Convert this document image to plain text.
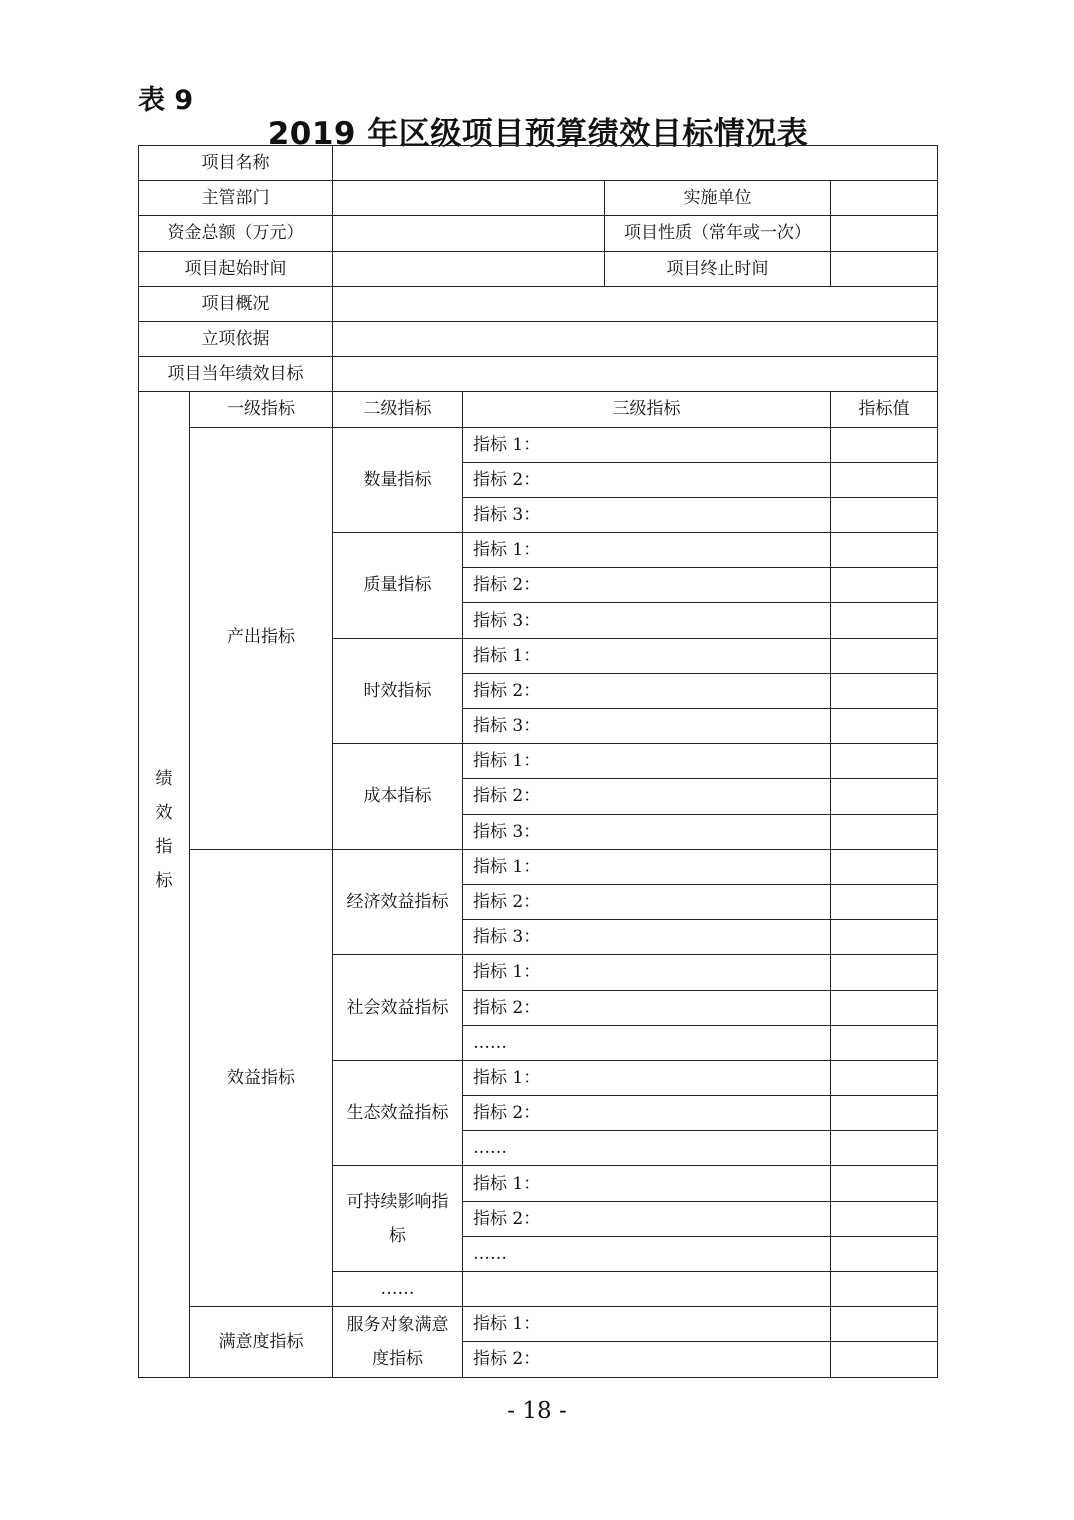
表 9
2019 年区级项目预算绩效目标情况表
- 18 -
项目名称					
主管部门				实施单位	
资金总额（万元）				项目性质（常年或一次）	
项目起始时间				项目终止时间	
项目概况					
立项依据					
项目当年绩效目标					

绩
效
指
标	一级指标	二级指标	三级指标		指标值
	产出指标	数量指标	指标 1：		
			指标 2：		
			指标 3：		
		质量指标	指标 1：		
			指标 2：		
			指标 3：		
		时效指标	指标 1：		
			指标 2：		
			指标 3：		
		成本指标	指标 1：		
			指标 2：		
			指标 3：		
	效益指标	经济效益指标	指标 1：		
			指标 2：		
			指标 3：		
		社会效益指标	指标 1：		
			指标 2：		
			……		
		生态效益指标	指标 1：		
			指标 2：		
			……		
		可持续影响指标	指标 1：		
			指标 2：		
			……		
		……			
	满意度指标	服务对象满意度指标	指标 1：		
			指标 2：		
